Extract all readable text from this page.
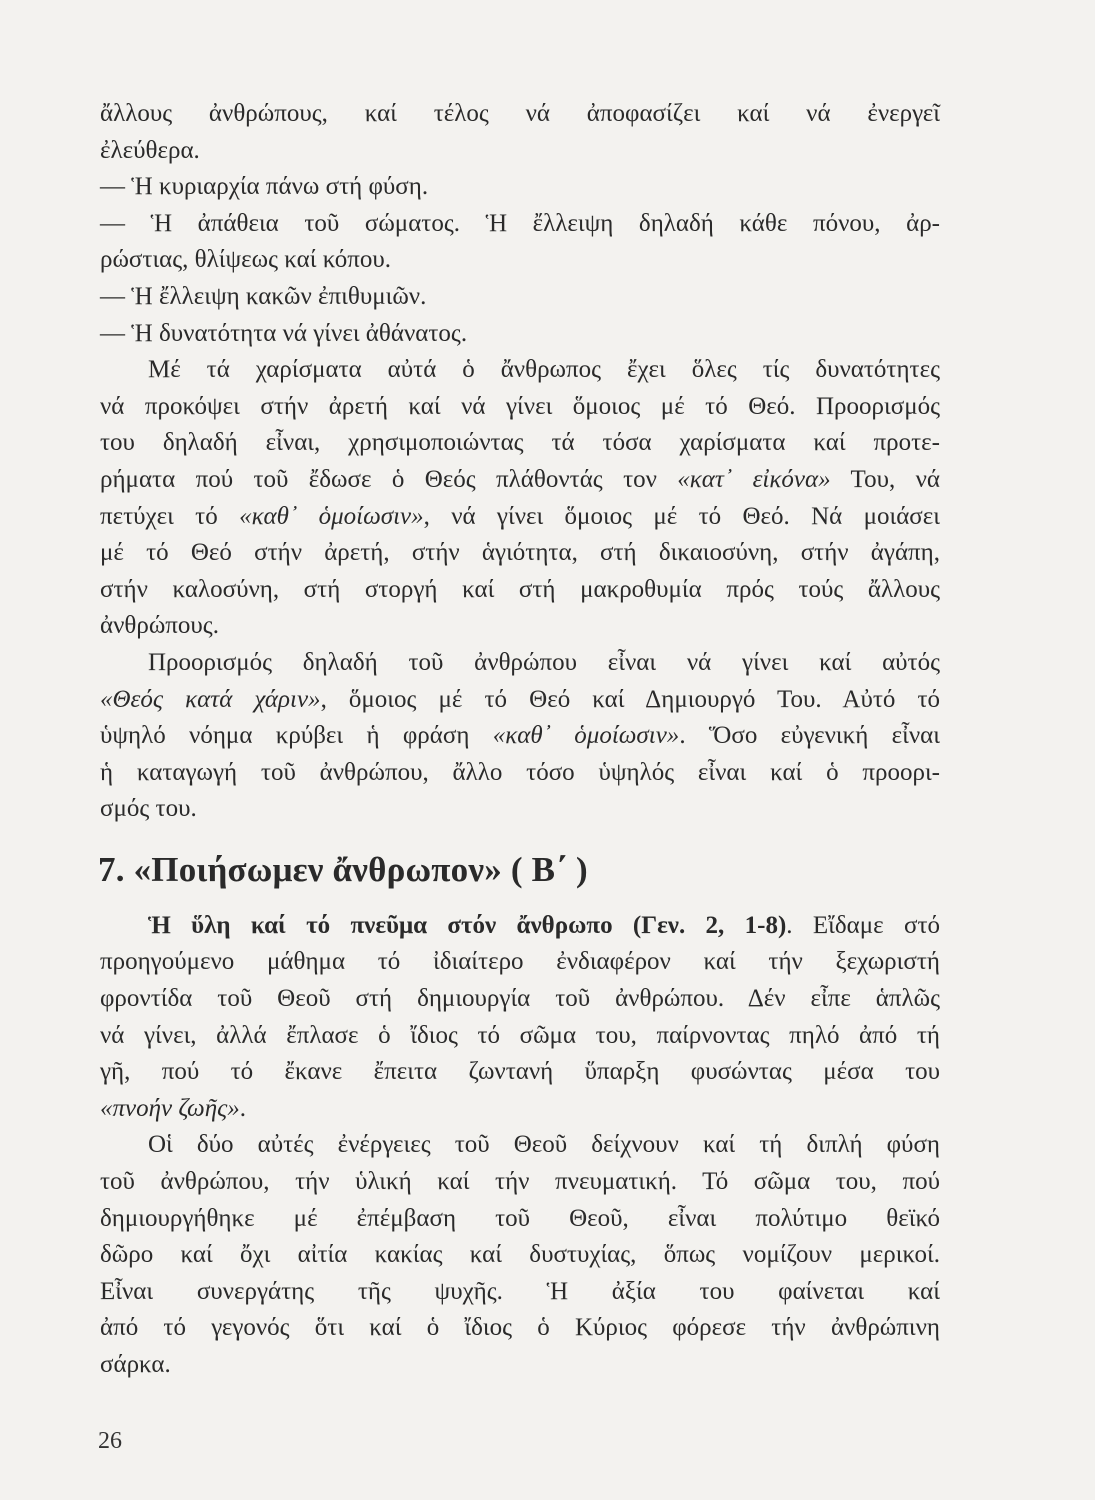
ἄλλους ἀνθρώπους, καί τέλος νά ἀποφασίζει καί νά ἐνεργεῖ
ἐλεύθερα.
— Ἡ κυριαρχία πάνω στή φύση.
— Ἡ ἀπάθεια τοῦ σώματος. Ἡ ἔλλειψη δηλαδή κάθε πόνου, ἀρ-
ρώστιας, θλίψεως καί κόπου.
— Ἡ ἔλλειψη κακῶν ἐπιθυμιῶν.
— Ἡ δυνατότητα νά γίνει ἀθάνατος.
Μέ τά χαρίσματα αὐτά ὁ ἄνθρωπος ἔχει ὅλες τίς δυνατότητες
νά προκόψει στήν ἀρετή καί νά γίνει ὅμοιος μέ τό Θεό. Προορισμός
του δηλαδή εἶναι, χρησιμοποιώντας τά τόσα χαρίσματα καί προτε-
ρήματα πού τοῦ ἔδωσε ὁ Θεός πλάθοντάς τον «κατ᾽ εἰκόνα» Του, νά
πετύχει τό «καθ᾽ ὁμοίωσιν», νά γίνει ὅμοιος μέ τό Θεό. Νά μοιάσει
μέ τό Θεό στήν ἀρετή, στήν ἁγιότητα, στή δικαιοσύνη, στήν ἀγάπη,
στήν καλοσύνη, στή στοργή καί στή μακροθυμία πρός τούς ἄλλους
ἀνθρώπους.
Προορισμός δηλαδή τοῦ ἀνθρώπου εἶναι νά γίνει καί αὐτός
«Θεός κατά χάριν», ὅμοιος μέ τό Θεό καί Δημιουργό Του. Αὐτό τό
ὑψηλό νόημα κρύβει ἡ φράση «καθ᾽ ὁμοίωσιν». Ὅσο εὐγενική εἶναι
ἡ καταγωγή τοῦ ἀνθρώπου, ἄλλο τόσο ὑψηλός εἶναι καί ὁ προορι-
σμός του.
7. «Ποιήσωμεν ἄνθρωπον» ( Β΄ )
Ἡ ὕλη καί τό πνεῦμα στόν ἄνθρωπο (Γεν. 2, 1-8). Εἴδαμε στό
προηγούμενο μάθημα τό ἰδιαίτερο ἐνδιαφέρον καί τήν ξεχωριστή
φροντίδα τοῦ Θεοῦ στή δημιουργία τοῦ ἀνθρώπου. Δέν εἶπε ἁπλῶς
νά γίνει, ἀλλά ἔπλασε ὁ ἴδιος τό σῶμα του, παίρνοντας πηλό ἀπό τή
γῆ, πού τό ἔκανε ἔπειτα ζωντανή ὕπαρξη φυσώντας μέσα του
«πνοήν ζωῆς».
Οἱ δύο αὐτές ἐνέργειες τοῦ Θεοῦ δείχνουν καί τή διπλή φύση
τοῦ ἀνθρώπου, τήν ὑλική καί τήν πνευματική. Τό σῶμα του, πού
δημιουργήθηκε μέ ἐπέμβαση τοῦ Θεοῦ, εἶναι πολύτιμο θεϊκό
δῶρο καί ὄχι αἰτία κακίας καί δυστυχίας, ὅπως νομίζουν μερικοί.
Εἶναι συνεργάτης τῆς ψυχῆς. Ἡ ἀξία του φαίνεται καί
ἀπό τό γεγονός ὅτι καί ὁ ἴδιος ὁ Κύριος φόρεσε τήν ἀνθρώπινη
σάρκα.
26
